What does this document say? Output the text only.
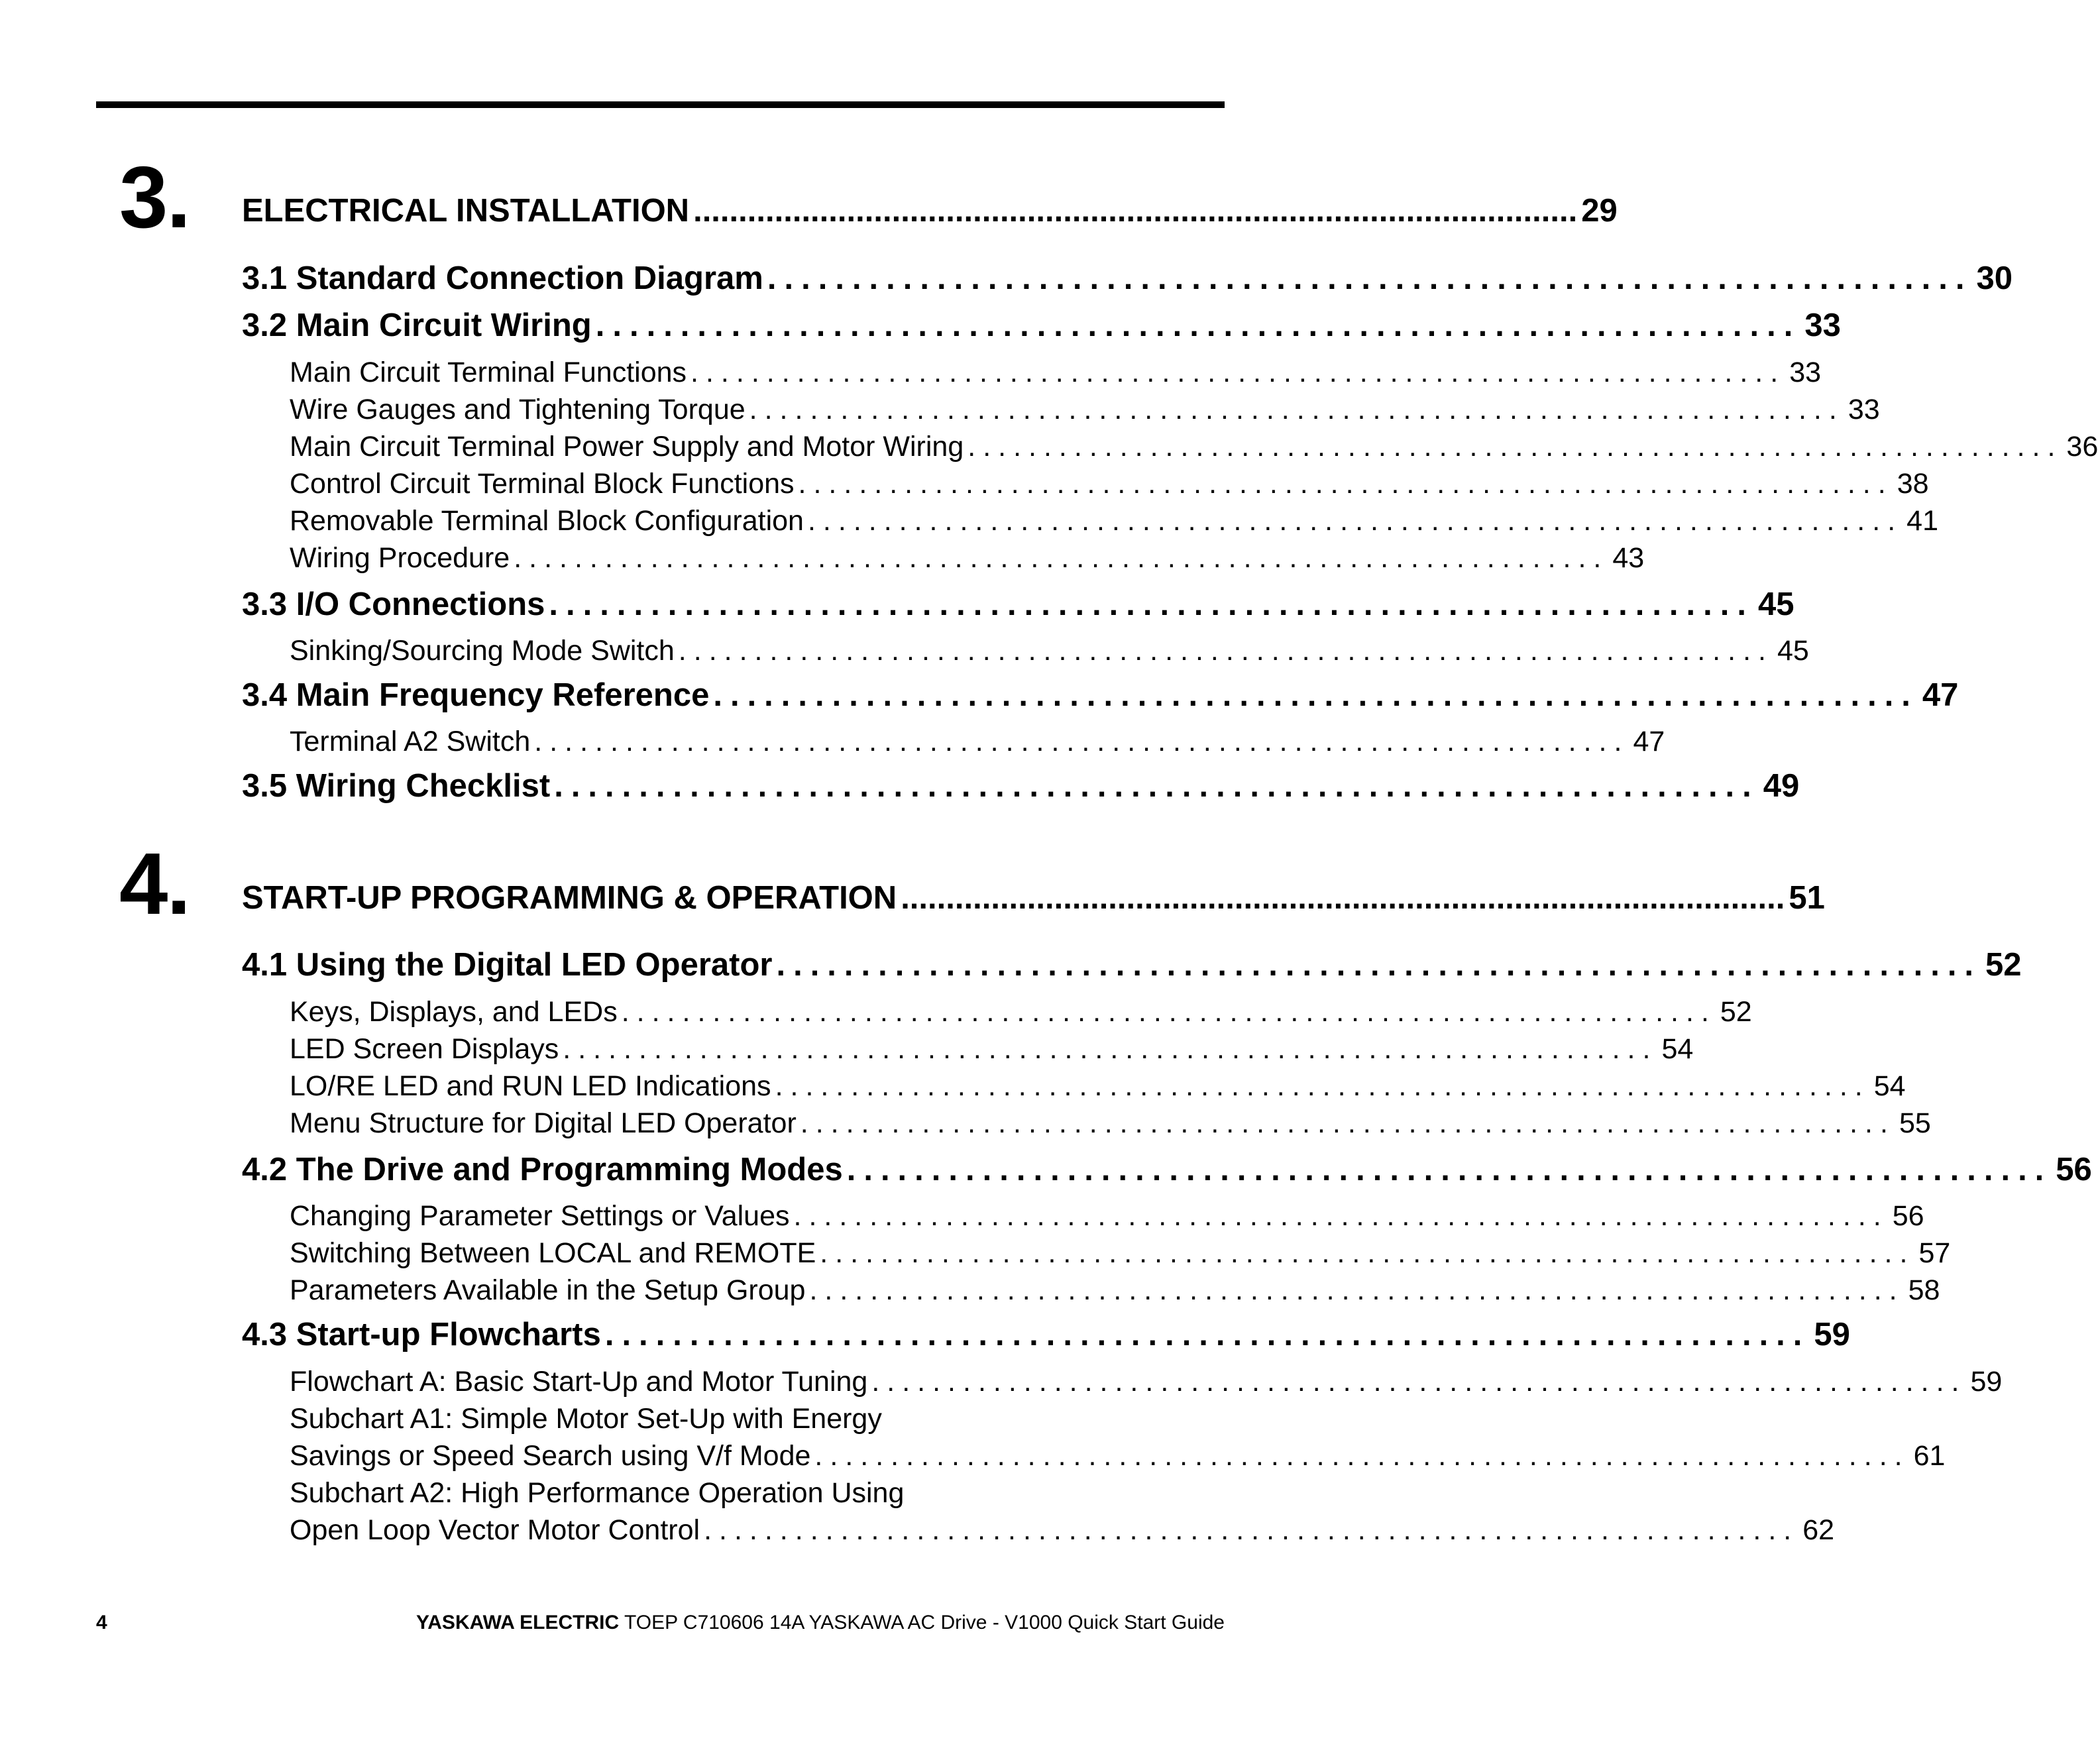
3. ELECTRICAL INSTALLATION .................................................................................................. 29
3.1 Standard Connection Diagram ....................................................................... 30
3.2 Main Circuit Wiring ....................................................................... 33
Main Circuit Terminal Functions ........................................................................ 33
Wire Gauges and Tightening Torque ........................................................................ 33
Main Circuit Terminal Power Supply and Motor Wiring ........................................................................ 36
Control Circuit Terminal Block Functions ........................................................................ 38
Removable Terminal Block Configuration ........................................................................ 41
Wiring Procedure ........................................................................ 43
3.3 I/O Connections ....................................................................... 45
Sinking/Sourcing Mode Switch ........................................................................ 45
3.4 Main Frequency Reference ....................................................................... 47
Terminal A2 Switch ........................................................................ 47
3.5 Wiring Checklist ....................................................................... 49
4. START-UP PROGRAMMING & OPERATION .................................................................................................. 51
4.1 Using the Digital LED Operator ....................................................................... 52
Keys, Displays, and LEDs ........................................................................ 52
LED Screen Displays ........................................................................ 54
LO/RE LED and RUN LED Indications ........................................................................ 54
Menu Structure for Digital LED Operator ........................................................................ 55
4.2 The Drive and Programming Modes ....................................................................... 56
Changing Parameter Settings or Values ........................................................................ 56
Switching Between LOCAL and REMOTE ........................................................................ 57
Parameters Available in the Setup Group ........................................................................ 58
4.3 Start-up Flowcharts ....................................................................... 59
Flowchart A: Basic Start-Up and Motor Tuning ........................................................................ 59
Subchart A1: Simple Motor Set-Up with Energy
Savings or Speed Search using V/f Mode ........................................................................ 61
Subchart A2: High Performance Operation Using
Open Loop Vector Motor Control ........................................................................ 62
4	YASKAWA ELECTRIC TOEP C710606 14A YASKAWA AC Drive - V1000 Quick Start Guide
